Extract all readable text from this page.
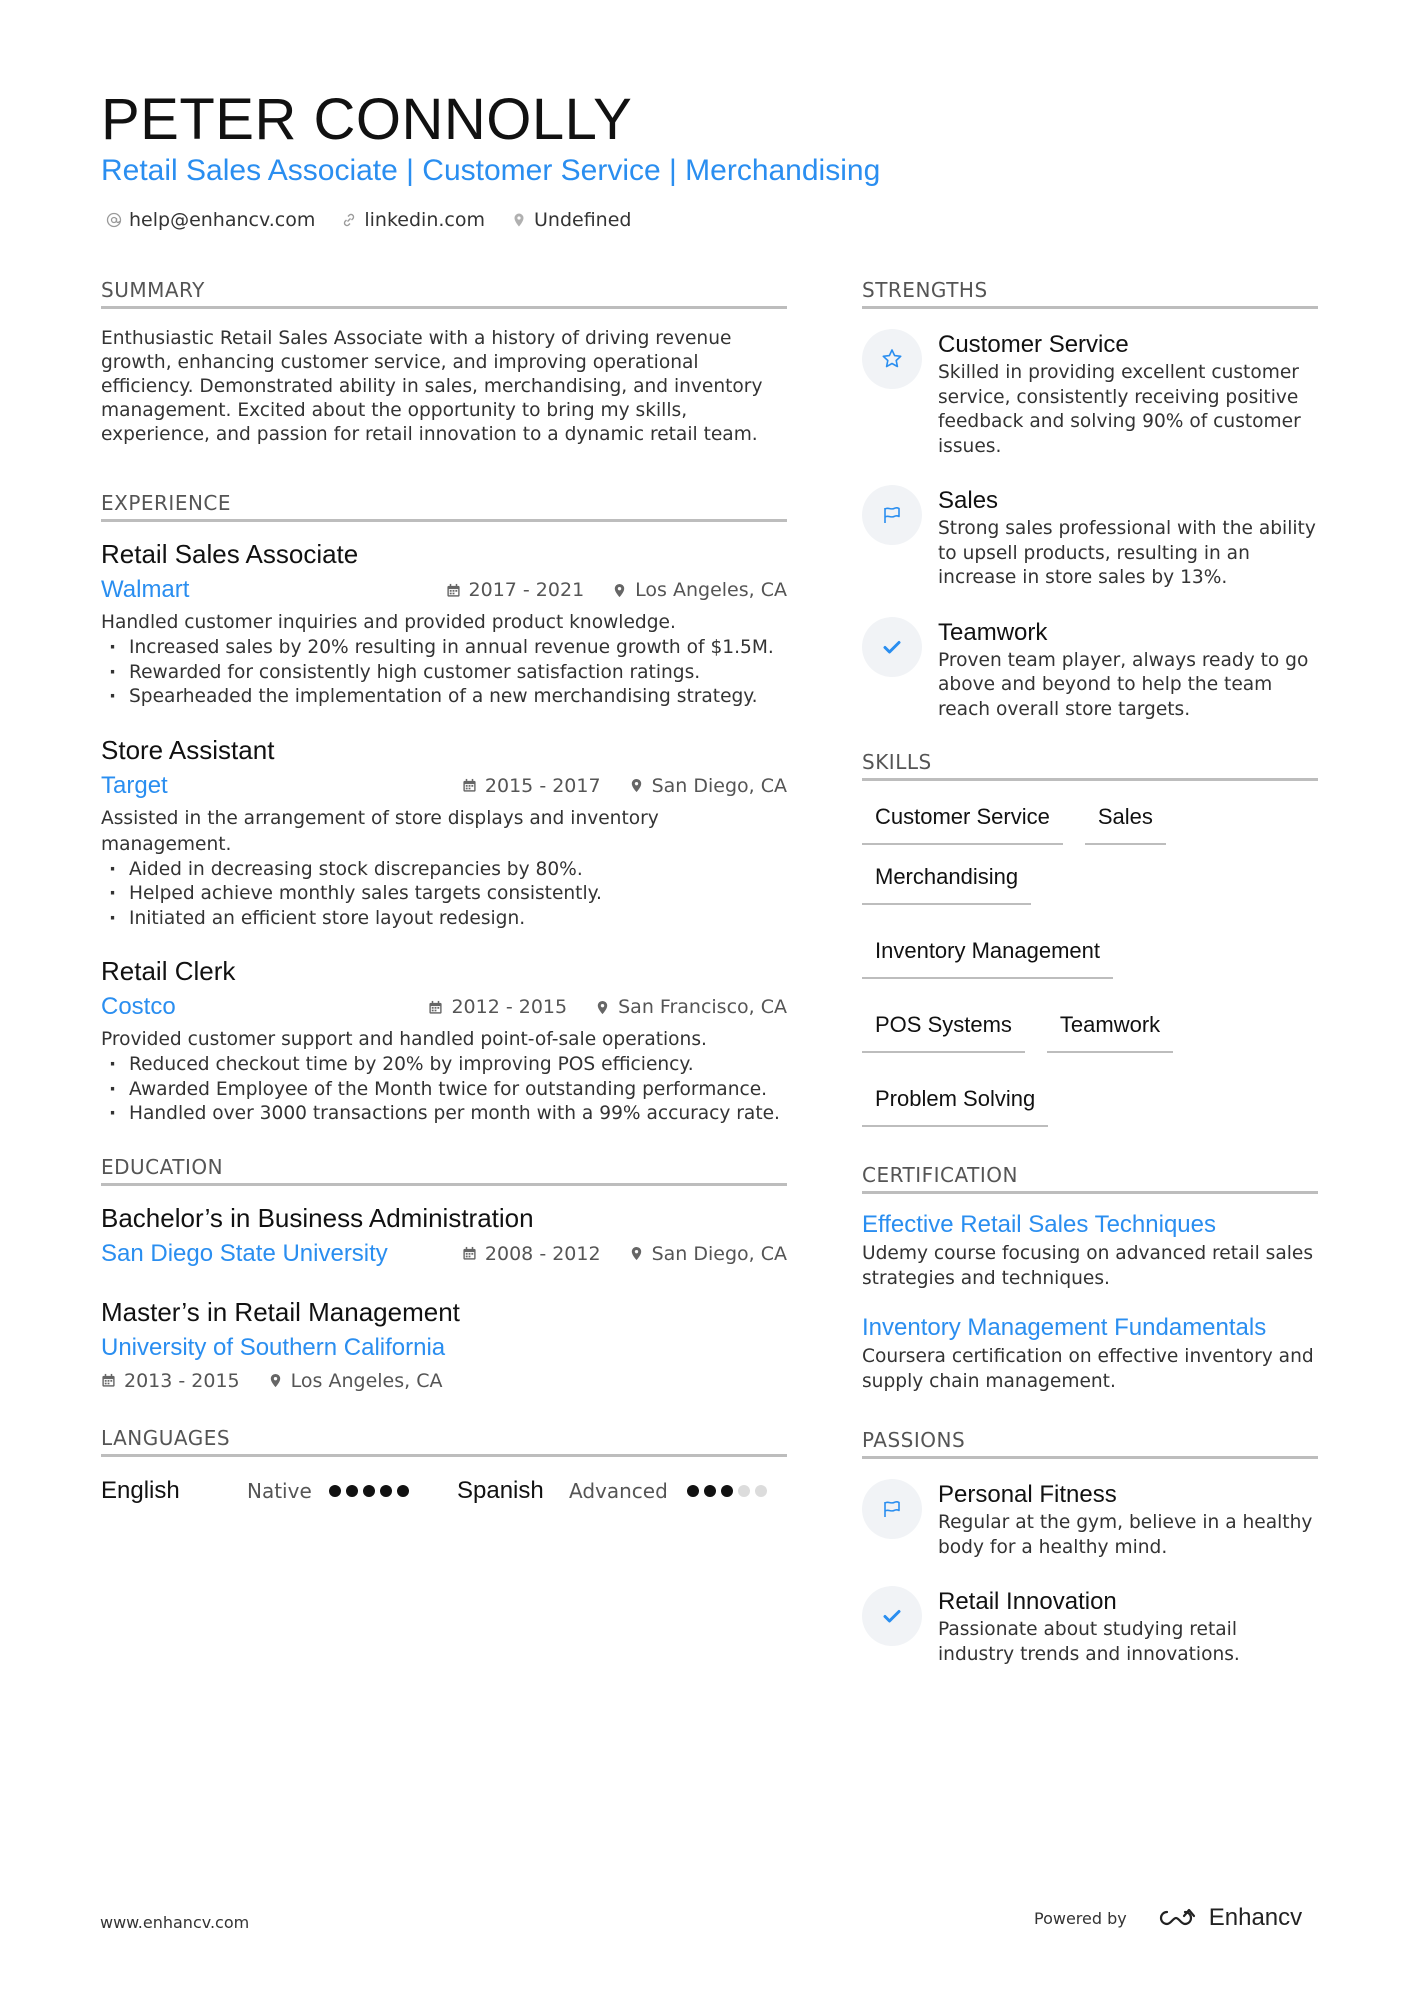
PETER CONNOLLY
Retail Sales Associate | Customer Service | Merchandising
help@enhancv.com	linkedin.com	Undefined
SUMMARY

Enthusiastic Retail Sales Associate with a history of driving revenue growth, enhancing customer service, and improving operational efficiency. Demonstrated ability in sales, merchandising, and inventory management. Excited about the opportunity to bring my skills, experience, and passion for retail innovation to a dynamic retail team.

EXPERIENCE
Retail Sales Associate
Walmart	2017 - 2021	Los Angeles, CA

Handled customer inquiries and provided product knowledge.

· Increased sales by 20% resulting in annual revenue growth of $1.5M.
· Rewarded for consistently high customer satisfaction ratings.
· Spearheaded the implementation of a new merchandising strategy.
Store Assistant
Target	2015 - 2017	San Diego, CA

Assisted in the arrangement of store displays and inventory management.

· Aided in decreasing stock discrepancies by 80%.
· Helped achieve monthly sales targets consistently.
· Initiated an efficient store layout redesign.
Retail Clerk
Costco	2012 - 2015	San Francisco, CA

Provided customer support and handled point-of-sale operations.

· Reduced checkout time by 20% by improving POS efficiency.
· Awarded Employee of the Month twice for outstanding performance.
· Handled over 3000 transactions per month with a 99% accuracy rate.
EDUCATION
Bachelor’s in Business Administration
San Diego State University	2008 - 2012	San Diego, CA
Master’s in Retail Management
University of Southern California
2013 - 2015	Los Angeles, CA
LANGUAGES
English	Native	Spanish	Advanced
STRENGTHS
Customer Service
Skilled in providing excellent customer service, consistently receiving positive feedback and solving 90% of customer issues.
Sales
Strong sales professional with the ability to upsell products, resulting in an increase in store sales by 13%.
Teamwork
Proven team player, always ready to go above and beyond to help the team reach overall store targets.
SKILLS
Customer Service	Sales
Merchandising
Inventory Management
POS Systems	Teamwork
Problem Solving
CERTIFICATION
Effective Retail Sales Techniques
Udemy course focusing on advanced retail sales strategies and techniques.
Inventory Management Fundamentals
Coursera certification on effective inventory and supply chain management.
PASSIONS
Personal Fitness
Regular at the gym, believe in a healthy body for a healthy mind.
Retail Innovation
Passionate about studying retail industry trends and innovations.
www.enhancv.com	Powered by	Enhancv
